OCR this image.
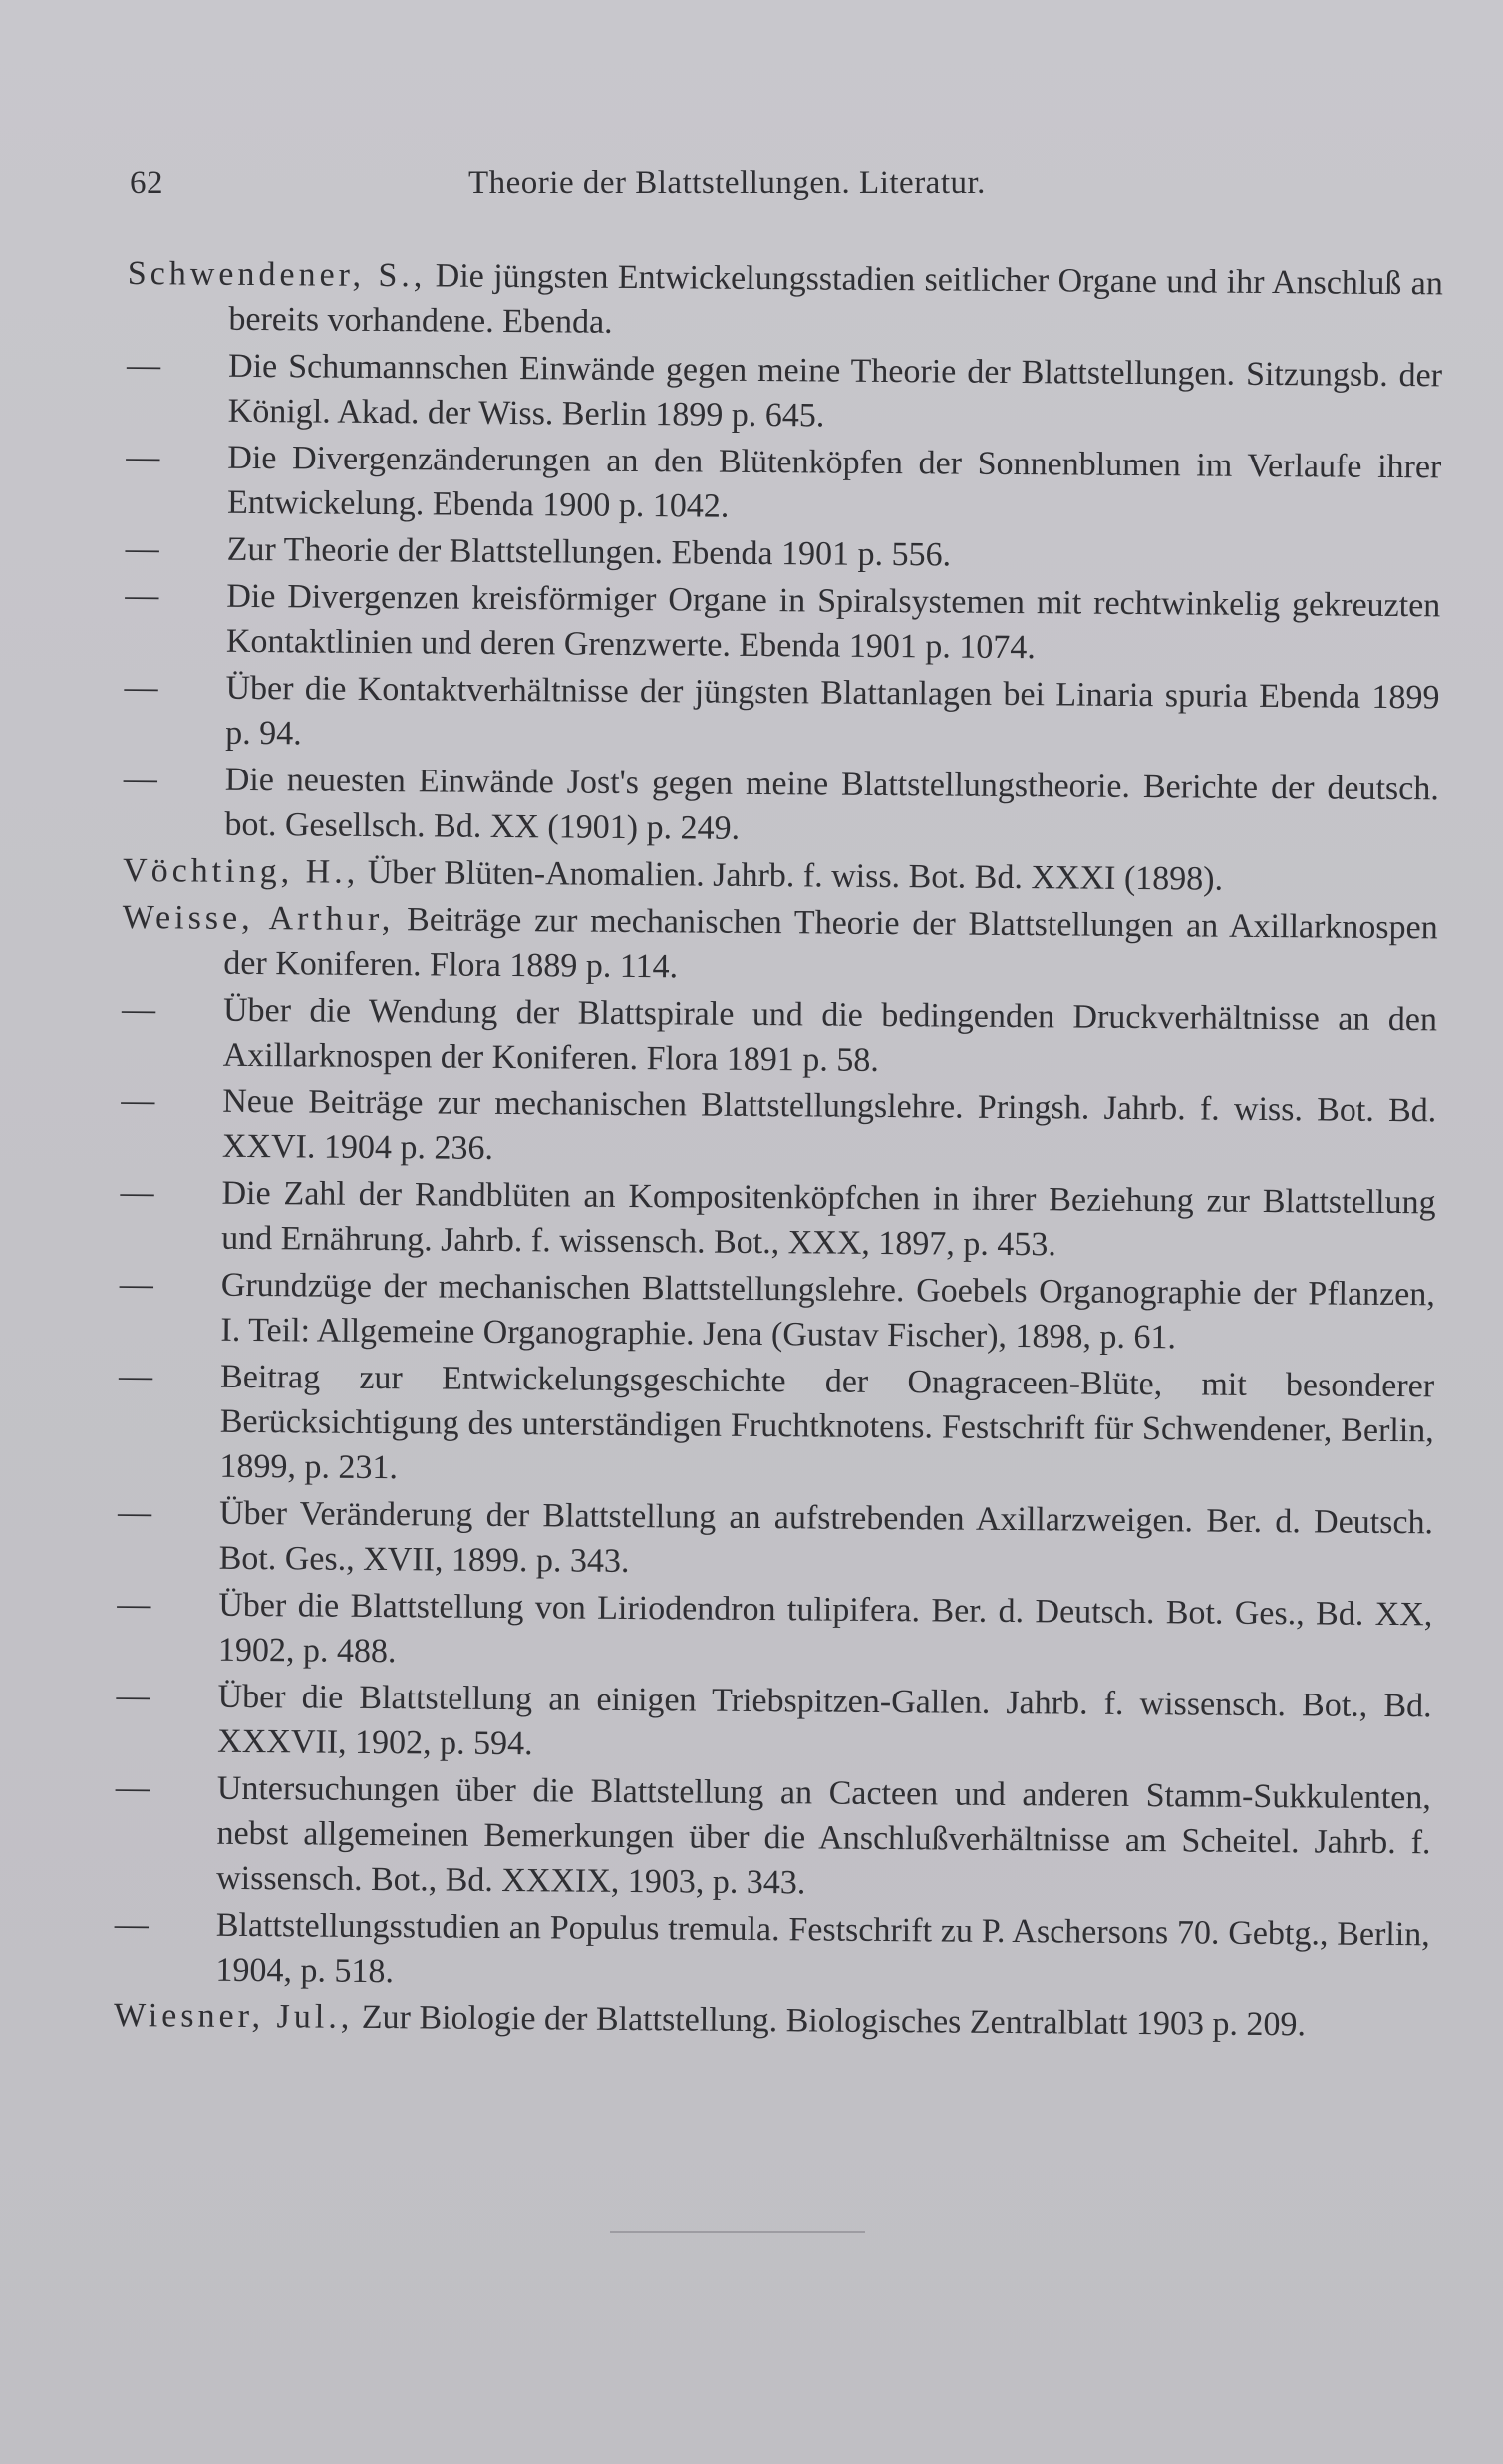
62	Theorie der Blattstellungen. Literatur.
Schwendener, S., Die jüngsten Entwickelungsstadien seitlicher Organe und ihr Anschluß an bereits vorhandene. Ebenda.
— Die Schumannschen Einwände gegen meine Theorie der Blattstellungen. Sitzungsb. der Königl. Akad. der Wiss. Berlin 1899 p. 645.
— Die Divergenzänderungen an den Blütenköpfen der Sonnenblumen im Verlaufe ihrer Entwickelung. Ebenda 1900 p. 1042.
— Zur Theorie der Blattstellungen. Ebenda 1901 p. 556.
— Die Divergenzen kreisförmiger Organe in Spiralsystemen mit rechtwinkelig gekreuzten Kontaktlinien und deren Grenzwerte. Ebenda 1901 p. 1074.
— Über die Kontaktverhältnisse der jüngsten Blattanlagen bei Linaria spuria Ebenda 1899 p. 94.
— Die neuesten Einwände Jost's gegen meine Blattstellungstheorie. Berichte der deutsch. bot. Gesellsch. Bd. XX (1901) p. 249.
Vöchting, H., Über Blüten-Anomalien. Jahrb. f. wiss. Bot. Bd. XXXI (1898).
Weisse, Arthur, Beiträge zur mechanischen Theorie der Blattstellungen an Axillarknospen der Koniferen. Flora 1889 p. 114.
— Über die Wendung der Blattspirale und die bedingenden Druckverhältnisse an den Axillarknospen der Koniferen. Flora 1891 p. 58.
— Neue Beiträge zur mechanischen Blattstellungslehre. Pringsh. Jahrb. f. wiss. Bot. Bd. XXVI. 1904 p. 236.
— Die Zahl der Randblüten an Kompositenköpfchen in ihrer Beziehung zur Blattstellung und Ernährung. Jahrb. f. wissensch. Bot., XXX, 1897, p. 453.
— Grundzüge der mechanischen Blattstellungslehre. Goebels Organographie der Pflanzen, I. Teil: Allgemeine Organographie. Jena (Gustav Fischer), 1898, p. 61.
— Beitrag zur Entwickelungsgeschichte der Onagraceen-Blüte, mit besonderer Berücksichtigung des unterständigen Fruchtknotens. Festschrift für Schwendener, Berlin, 1899, p. 231.
— Über Veränderung der Blattstellung an aufstrebenden Axillarzweigen. Ber. d. Deutsch. Bot. Ges., XVII, 1899. p. 343.
— Über die Blattstellung von Liriodendron tulipifera. Ber. d. Deutsch. Bot. Ges., Bd. XX, 1902, p. 488.
— Über die Blattstellung an einigen Triebspitzen-Gallen. Jahrb. f. wissensch. Bot., Bd. XXXVII, 1902, p. 594.
— Untersuchungen über die Blattstellung an Cacteen und anderen Stamm-Sukkulenten, nebst allgemeinen Bemerkungen über die Anschlußverhältnisse am Scheitel. Jahrb. f. wissensch. Bot., Bd. XXXIX, 1903, p. 343.
— Blattstellungsstudien an Populus tremula. Festschrift zu P. Aschersons 70. Gebtg., Berlin, 1904, p. 518.
Wiesner, Jul., Zur Biologie der Blattstellung. Biologisches Zentralblatt 1903 p. 209.
